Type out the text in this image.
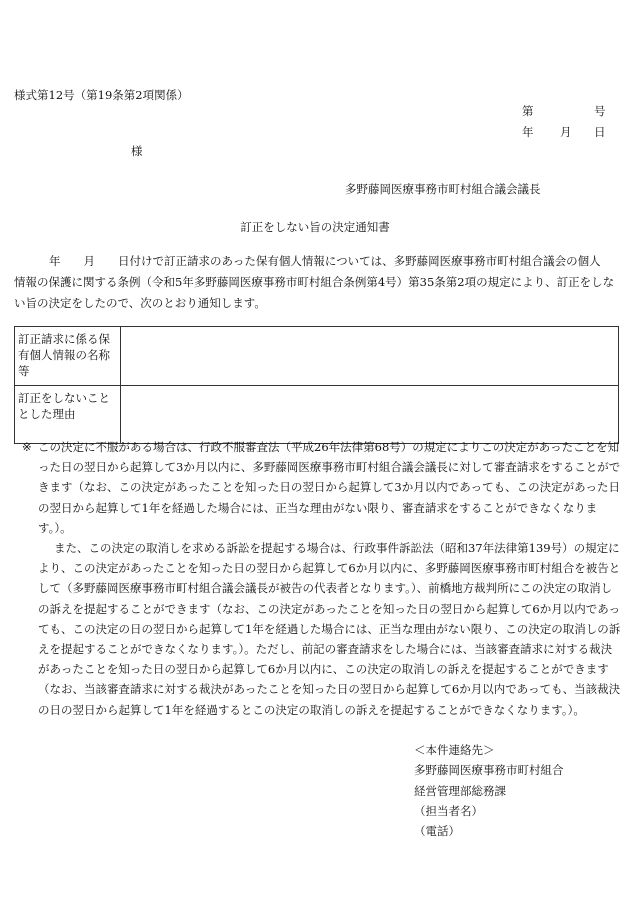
様式第12号（第19条第2項関係）
第	号
年 月 日
様
多野藤岡医療事務市町村組合議会議長
訂正をしない旨の決定通知書

年　　月　　日付けで訂正請求のあった保有個人情報については、多野藤岡医療事務市町村組合議会の個人

情報の保護に関する条例（令和5年多野藤岡医療事務市町村組合条例第4号）第35条第2項の規定により、訂正をしない旨の決定をしたので、次のとおり通知します。

訂正請求に係る保有個人情報の名称等	
訂正をしないこととした理由	

※ この決定に不服がある場合は、行政不服審査法（平成26年法律第68号）の規定によりこの決定があったことを知った日の翌日から起算して3か月以内に、多野藤岡医療事務市町村組合議会議長に対して審査請求をすることができます（なお、この決定があったことを知った日の翌日から起算して3か月以内であっても、この決定があった日の翌日から起算して1年を経過した場合には、正当な理由がない限り、審査請求をすることができなくなります。）。

また、この決定の取消しを求める訴訟を提起する場合は、行政事件訴訟法（昭和37年法律第139号）の規定により、この決定があったことを知った日の翌日から起算して6か月以内に、多野藤岡医療事務市町村組合を被告として（多野藤岡医療事務市町村組合議会議長が被告の代表者となります。）、前橋地方裁判所にこの決定の取消しの訴えを提起することができます（なお、この決定があったことを知った日の翌日から起算して6か月以内であっても、この決定の日の翌日から起算して1年を経過した場合には、正当な理由がない限り、この決定の取消しの訴えを提起することができなくなります。）。ただし、前記の審査請求をした場合には、当該審査請求に対する裁決があったことを知った日の翌日から起算して6か月以内に、この決定の取消しの訴えを提起することができます（なお、当該審査請求に対する裁決があったことを知った日の翌日から起算して6か月以内であっても、当該裁決の日の翌日から起算して1年を経過するとこの決定の取消しの訴えを提起することができなくなります。）。

＜本件連絡先＞
多野藤岡医療事務市町村組合
経営管理部総務課
（担当者名）
（電話）
